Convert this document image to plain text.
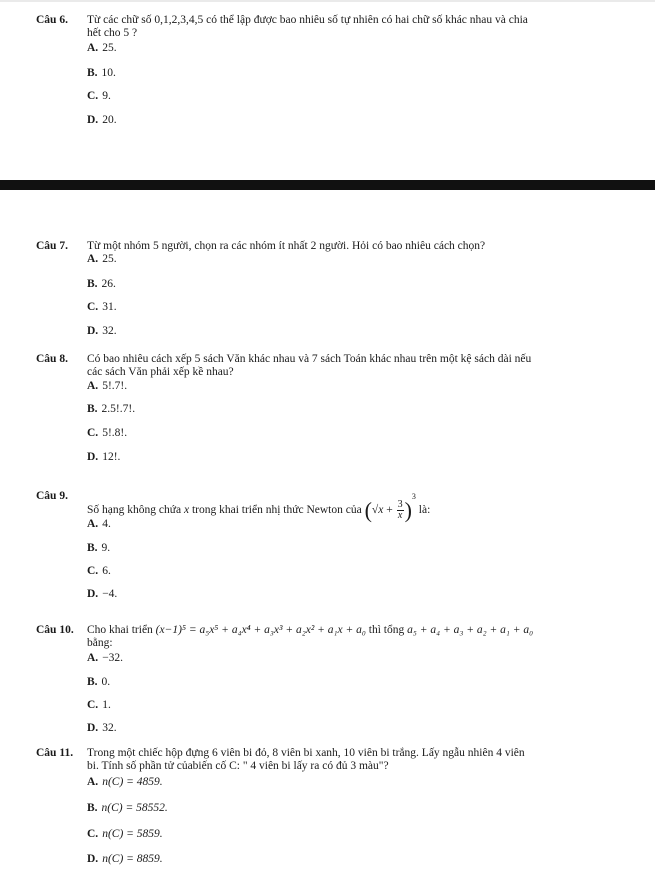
Câu 6. Từ các chữ số 0,1,2,3,4,5 có thể lập được bao nhiêu số tự nhiên có hai chữ số khác nhau và chia
hết cho 5 ?
A. 25.
B. 10.
C. 9.
D. 20.
Câu 7. Từ một nhóm 5 người, chọn ra các nhóm ít nhất 2 người. Hỏi có bao nhiêu cách chọn?
A. 25.
B. 26.
C. 31.
D. 32.
Câu 8. Có bao nhiêu cách xếp 5 sách Văn khác nhau và 7 sách Toán khác nhau trên một kệ sách dài nếu
các sách Văn phải xếp kề nhau?
A. 5!.7!.
B. 2.5!.7!.
C. 5!.8!.
D. 12!.
Câu 9.
Số hạng không chứa x trong khai triển nhị thức Newton của $(√x + \frac{3}{x} )^3$ là:
A. 4.
B. 9.
C. 6.
D. −4.
Câu 10. Cho khai triển (x−1)⁵ = a₅x⁵ + a₄x⁴ + a₃x³ + a₂x² + a₁x + a₀ thì tổng a₅ + a₄ + a₃ + a₂ + a₁ + a₀
bằng:
A. −32.
B. 0.
C. 1.
D. 32.
Câu 11. Trong một chiếc hộp đựng 6 viên bi đỏ, 8 viên bi xanh, 10 viên bi trắng. Lấy ngẫu nhiên 4 viên
bi. Tính số phần tử củabiến cố C: " 4 viên bi lấy ra có đủ 3 màu"?
A. n(C) = 4859.
B. n(C) = 58552.
C. n(C) = 5859.
D. n(C) = 8859.
